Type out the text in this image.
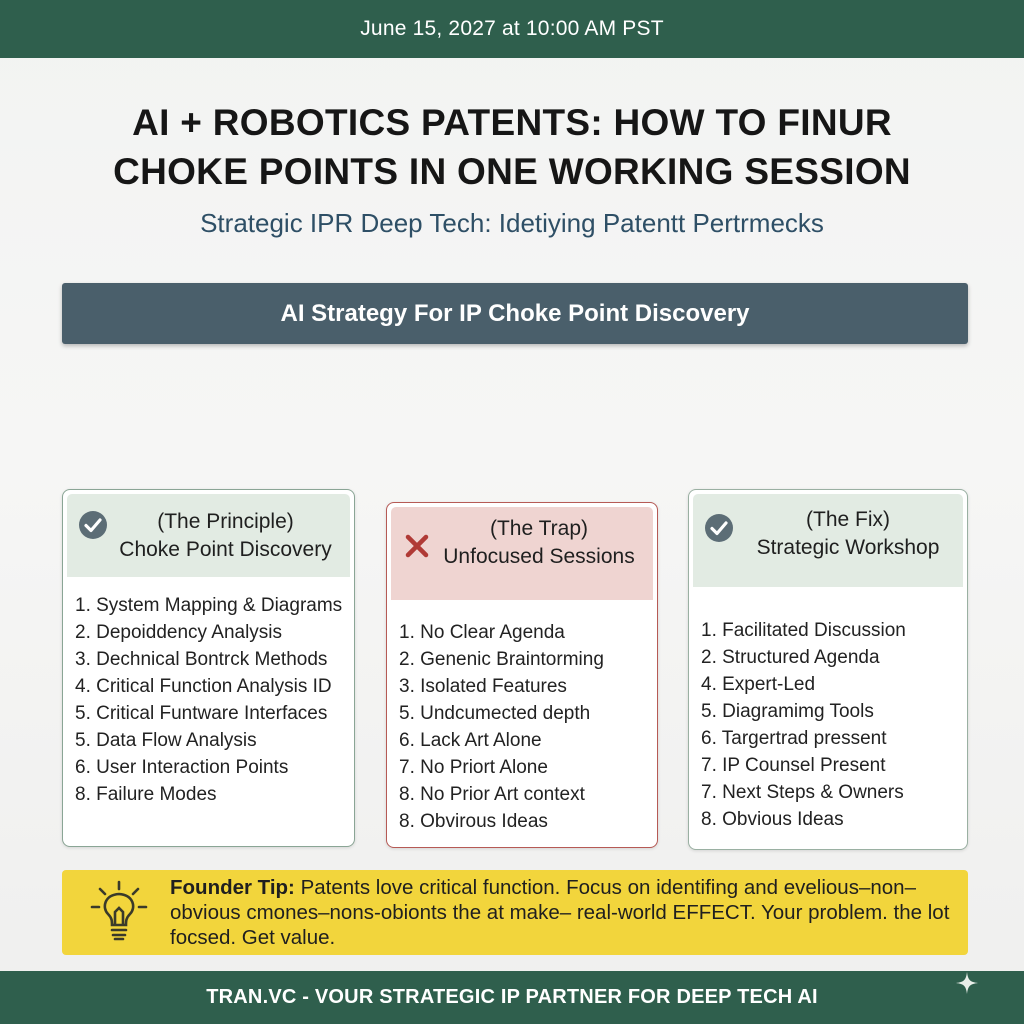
June 15, 2027 at 10:00 AM PST
AI + ROBOTICS PATENTS: HOW TO FINUR
CHOKE POINTS IN ONE WORKING SESSION
Strategic IPR Deep Tech: Idetiying Patentt Pertrmecks
AI Strategy For IP Choke Point Discovery
(The Principle)
Choke Point Discovery
1. System Mapping & Diagrams
2. Depoiddency Analysis
3. Dechnical Bontrck Methods
4. Critical Function Analysis ID
5. Critical Funtware Interfaces
5. Data Flow Analysis
6. User Interaction Points
8. Failure Modes
(The Trap)
Unfocused Sessions
1. No Clear Agenda
2. Genenic Braintorming
3. Isolated Features
5. Undcumected depth
6. Lack Art Alone
7. No Priort Alone
8. No Prior Art context
8. Obvirous Ideas
(The Fix)
Strategic Workshop
1. Facilitated Discussion
2. Structured Agenda
4. Expert-Led
5. Diagramimg Tools
6. Targertrad pressent
7. IP Counsel Present
7. Next Steps & Owners
8. Obvious Ideas
Founder Tip: Patents love critical function. Focus on identifing and evelious–non–obvious cmones–nons-obionts the at make– real-world EFFECT. Your problem. the lot focsed. Get value.
TRAN.VC - VOUR STRATEGIC IP PARTNER FOR DEEP TECH AI
